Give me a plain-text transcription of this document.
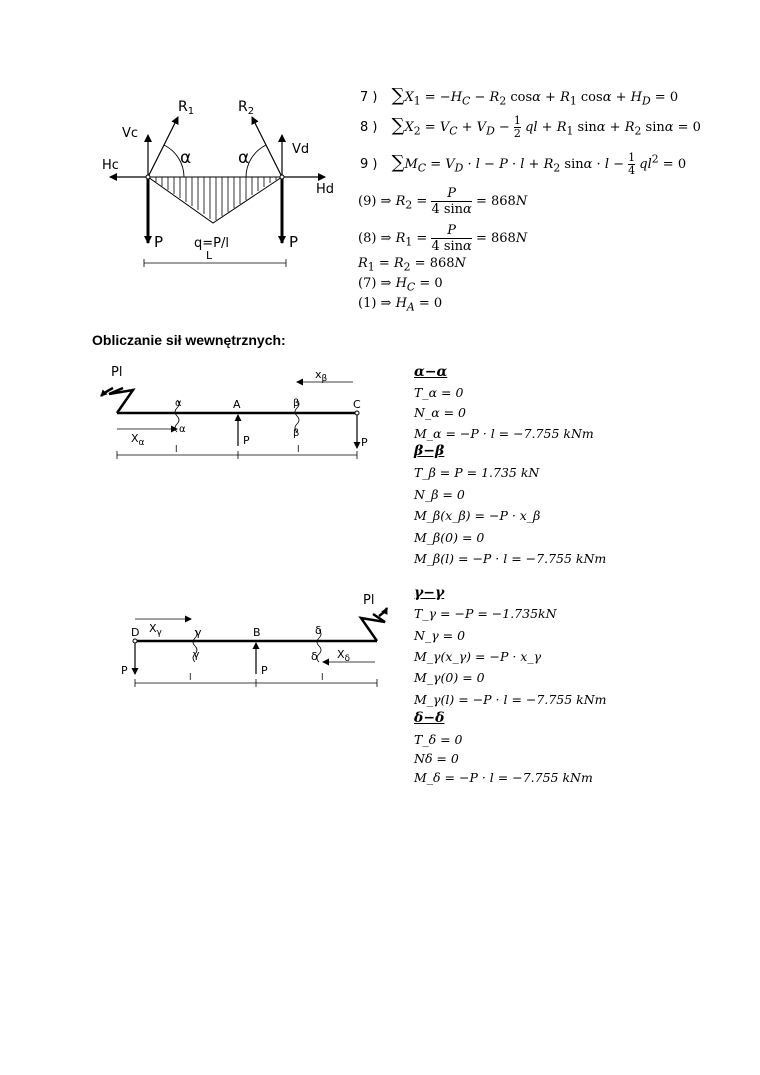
$R_1$	$R_2$
Vc
Vd
Hc
Hd
α	α
P	P
q=P/l
L
7 ) $\sum X_1 = -H_C - R_2$ $\cos\alpha + R_1$ $\cos\alpha + H_D = 0$
8 ) $\sum X_2 = V_C + V_D - \frac{1}{2}$ ql + $R_1$ $\sin\alpha + R_2$ sinα = 0
9 ) $\sum M_C = V_D \cdot l - P \cdot l + R_2$ $\sin\alpha \cdot l - \frac{1}{4} ql^2 = 0$
(9) ⇒ $R_2 = \frac{P}{4 \sin\alpha} = 868N$
(8) ⇒ $R_1 = \frac{P}{4 \sin\alpha} = 868N$
$R_1 = R_2 = 868N$
(7) ⇒ $H_C = 0$
(1) ⇒ $H_A = 0$
Obliczanie sił wewnętrznych:
Pl	$x_\beta$
α
α
A	β
β
C
$X_\alpha$	P	P
l	l
α−α
T_α = 0
N_α = 0
M_α = −P · l = −7.755 kNm
β−β
T_β = P = 1.735 kN
N_β = 0
M_β(x_β) = −P · x_β
M_β(0) = 0
M_β(l) = −P · l = −7.755 kNm
Pl
D $X_\gamma$	γ
γ
B	δ
δ $X_\delta$
P	P
l	l
γ−γ
T_γ = −P = −1.735kN
N_γ = 0
M_γ(x_γ) = −P · x_γ
M_γ(0) = 0
M_γ(l) = −P · l = −7.755 kNm
δ−δ
T_δ = 0
Nδ = 0
M_δ = −P · l = −7.755 kNm
